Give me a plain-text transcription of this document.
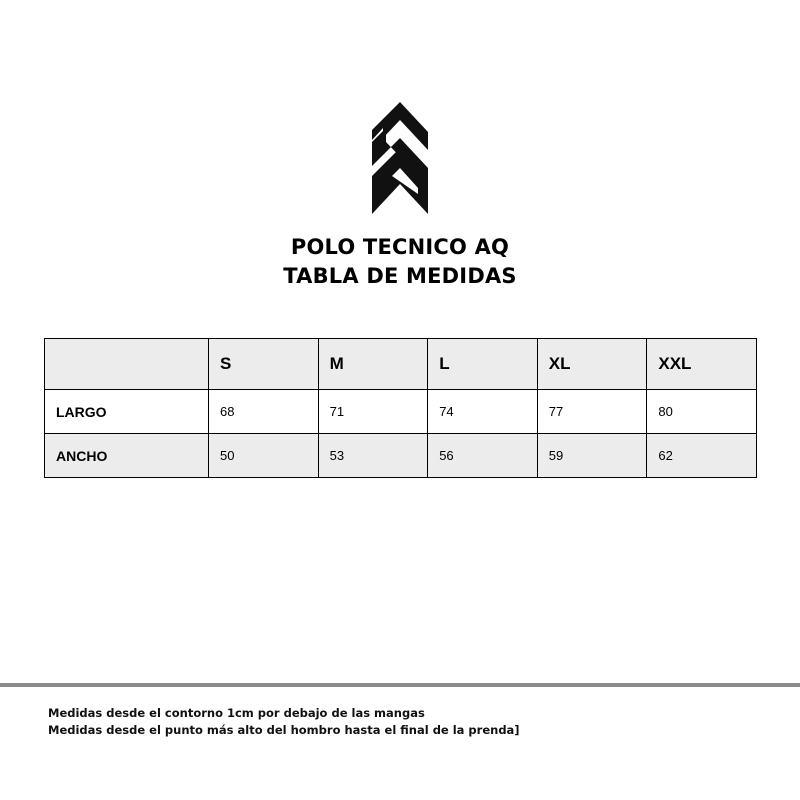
POLO TECNICO AQ
TABLA DE MEDIDAS
	S	M	L	XL	XXL
LARGO	68	71	74	77	80
ANCHO	50	53	56	59	62
Medidas desde el contorno 1cm por debajo de las mangas
Medidas desde el punto más alto del hombro hasta el final de la prenda]
